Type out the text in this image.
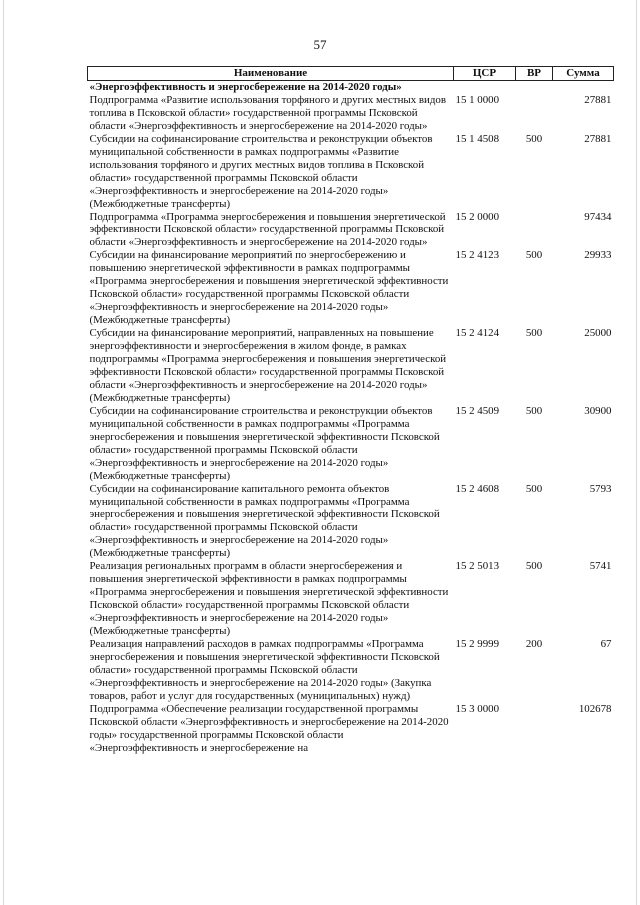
57
Наименование	ЦСР	ВР	Сумма
«Энергоэффективность и энергосбережение на 2014-2020 годы»			
Подпрограмма «Развитие использования торфяного и других местных видов топлива в Псковской области» государственной программы Псковской области «Энергоэффективность и энергосбережение на 2014-2020 годы»	15 1 0000		27881
Субсидии на софинансирование строительства и реконструкции объектов муниципальной собственности в рамках подпрограммы «Развитие использования торфяного и других местных видов топлива в Псковской области» государственной программы Псковской области «Энергоэффективность и энергосбережение на 2014-2020 годы» (Межбюджетные трансферты)	15 1 4508	500	27881
Подпрограмма «Программа энергосбережения и повышения энергетической эффективности Псковской области» государственной программы Псковской области «Энергоэффективность и энергосбережение на 2014-2020 годы»	15 2 0000		97434
Субсидии на финансирование мероприятий по энергосбережению и повышению энергетической эффективности в рамках подпрограммы «Программа энергосбережения и повышения энергетической эффективности Псковской области» государственной программы Псковской области «Энергоэффективность и энергосбережение на 2014-2020 годы» (Межбюджетные трансферты)	15 2 4123	500	29933
Субсидии на финансирование мероприятий, направленных на повышение энергоэффективности и энергосбережения в жилом фонде, в рамках подпрограммы «Программа энергосбережения и повышения энергетической эффективности Псковской области» государственной программы Псковской области «Энергоэффективность и энергосбережение на 2014-2020 годы» (Межбюджетные трансферты)	15 2 4124	500	25000
Субсидии на софинансирование строительства и реконструкции объектов муниципальной собственности в рамках подпрограммы «Программа энергосбережения и повышения энергетической эффективности Псковской области» государственной программы Псковской области «Энергоэффективность и энергосбережение на 2014-2020 годы» (Межбюджетные трансферты)	15 2 4509	500	30900
Субсидии на софинансирование капитального ремонта объектов муниципальной собственности в рамках подпрограммы «Программа энергосбережения и повышения энергетической эффективности Псковской области» государственной программы Псковской области «Энергоэффективность и энергосбережение на 2014-2020 годы» (Межбюджетные трансферты)	15 2 4608	500	5793
Реализация региональных программ в области энергосбережения и повышения энергетической эффективности в рамках подпрограммы «Программа энергосбережения и повышения энергетической эффективности Псковской области» государственной программы Псковской области «Энергоэффективность и энергосбережение на 2014-2020 годы» (Межбюджетные трансферты)	15 2 5013	500	5741
Реализация направлений расходов в рамках подпрограммы «Программа энергосбережения и повышения энергетической эффективности Псковской области» государственной программы Псковской области «Энергоэффективность и энергосбережение на 2014-2020 годы» (Закупка товаров, работ и услуг для государственных (муниципальных) нужд)	15 2 9999	200	67
Подпрограмма «Обеспечение реализации государственной программы Псковской области «Энергоэффективность и энергосбережение на 2014-2020 годы» государственной программы Псковской области «Энергоэффективность и энергосбережение на	15 3 0000		102678
